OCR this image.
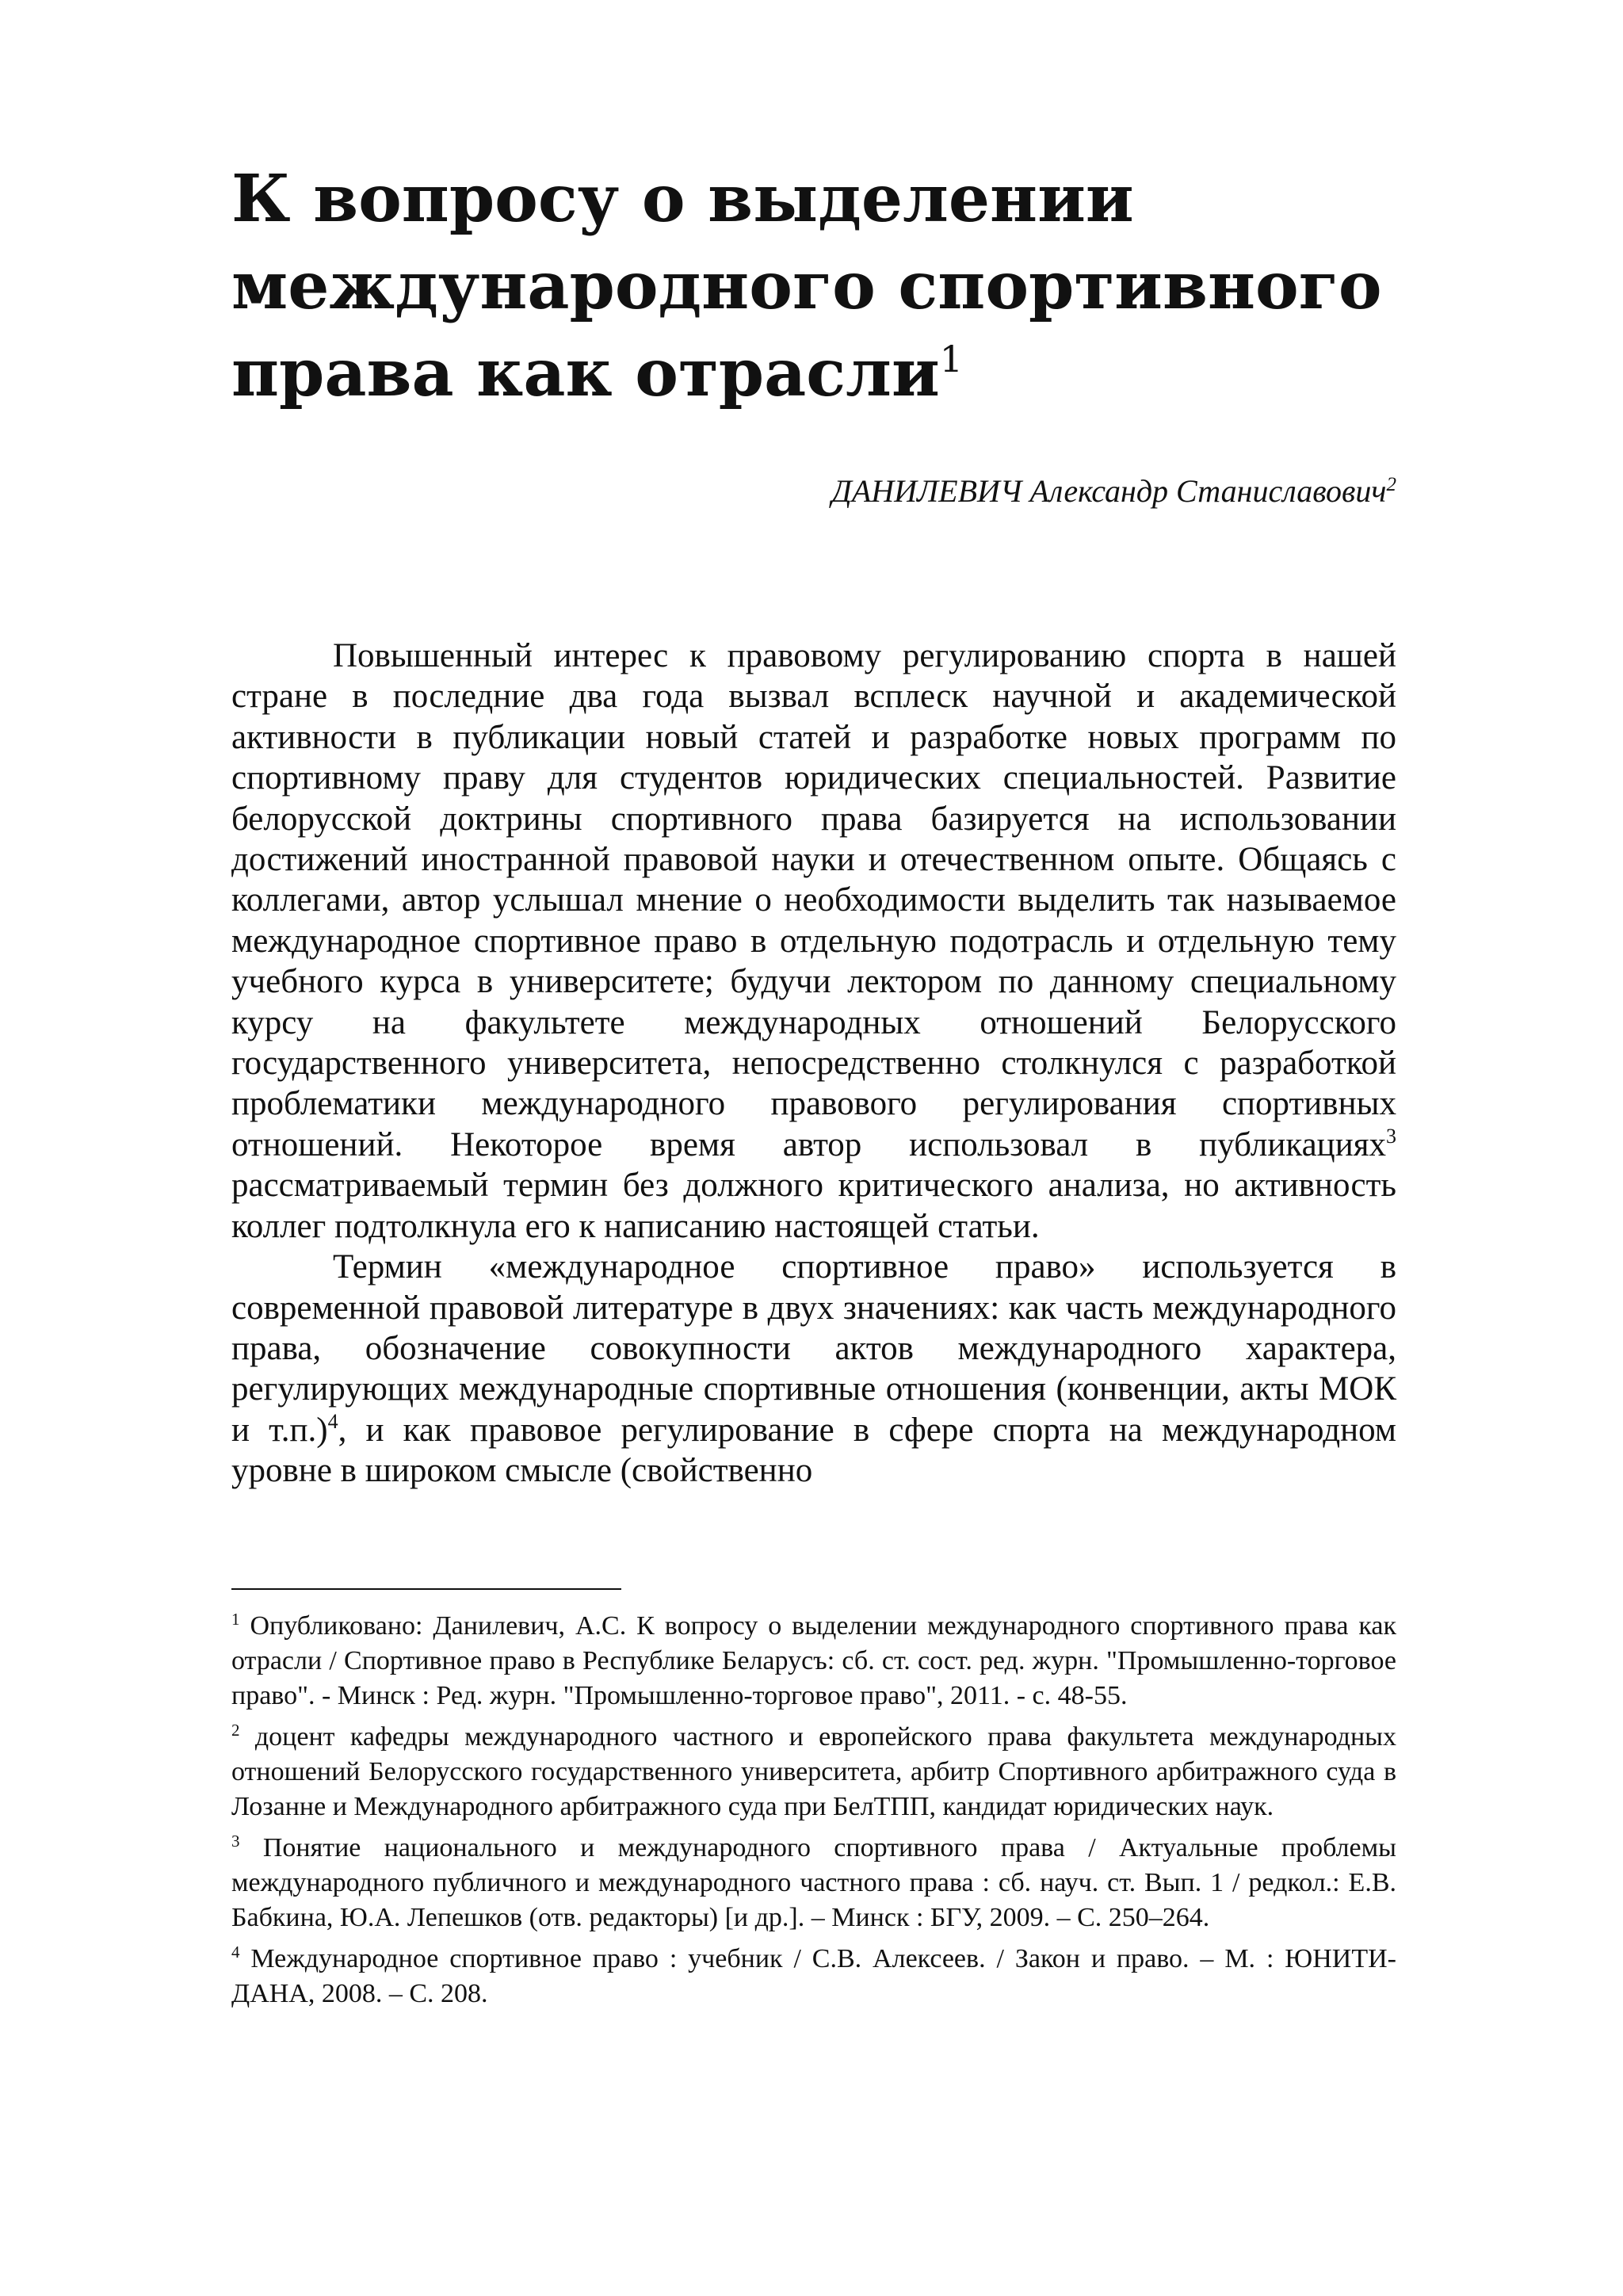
К вопросу о выделении
международного спортивного
права как отрасли$^1$
ДАНИЛЕВИЧ Александр Станиславович$^2$

Повышенный интерес к правовому регулированию спорта в нашей стране в последние два года вызвал всплеск научной и академической активности в публикации новый статей и разработке новых программ по спортивному праву для студентов юридических специальностей. Развитие белорусской доктрины спортивного права базируется на использовании достижений иностранной правовой науки и отечественном опыте. Общаясь с коллегами, автор услышал мнение о необходимости выделить так называемое международное спортивное право в отдельную подотрасль и отдельную тему учебного курса в университете; будучи лектором по данному специальному курсу на факультете международных отношений Белорусского государственного университета, непосредственно столкнулся с разработкой проблематики международного правового регулирования спортивных отношений. Некоторое время автор использовал в публикациях$^3$ рассматриваемый термин без должного критического анализа, но активность коллег подтолкнула его к написанию настоящей статьи.

Термин «международное спортивное право» используется в современной правовой литературе в двух значениях: как часть международного права, обозначение совокупности актов международного характера, регулирующих международные спортивные отношения (конвенции, акты МОК и т.п.)$^4$, и как правовое регулирование в сфере спорта на международном уровне в широком смысле (свойственно

$^1$ Опубликовано: Данилевич, А.С. К вопросу о выделении международного спортивного права как отрасли / Спортивное право в Республике Беларусъ: сб. ст. сост. ред. журн. "Промышленно-торговое право". - Минск : Ред. журн. "Промышленно-торговое право", 2011. - с. 48-55.

$^2$ доцент кафедры международного частного и европейского права факультета международных отношений Белорусского государственного университета, арбитр Спортивного арбитражного суда в Лозанне и Международного арбитражного суда при БелТПП, кандидат юридических наук.

$^3$ Понятие национального и международного спортивного права / Актуальные проблемы международного публичного и международного частного права : сб. науч. ст. Вып. 1 / редкол.: Е.В. Бабкина, Ю.А. Лепешков (отв. редакторы) [и др.]. – Минск : БГУ, 2009. – С. 250–264.

$^4$ Международное спортивное право : учебник / С.В. Алексеев. / Закон и право. – М. : ЮНИТИ-ДАНА, 2008. – С. 208.
